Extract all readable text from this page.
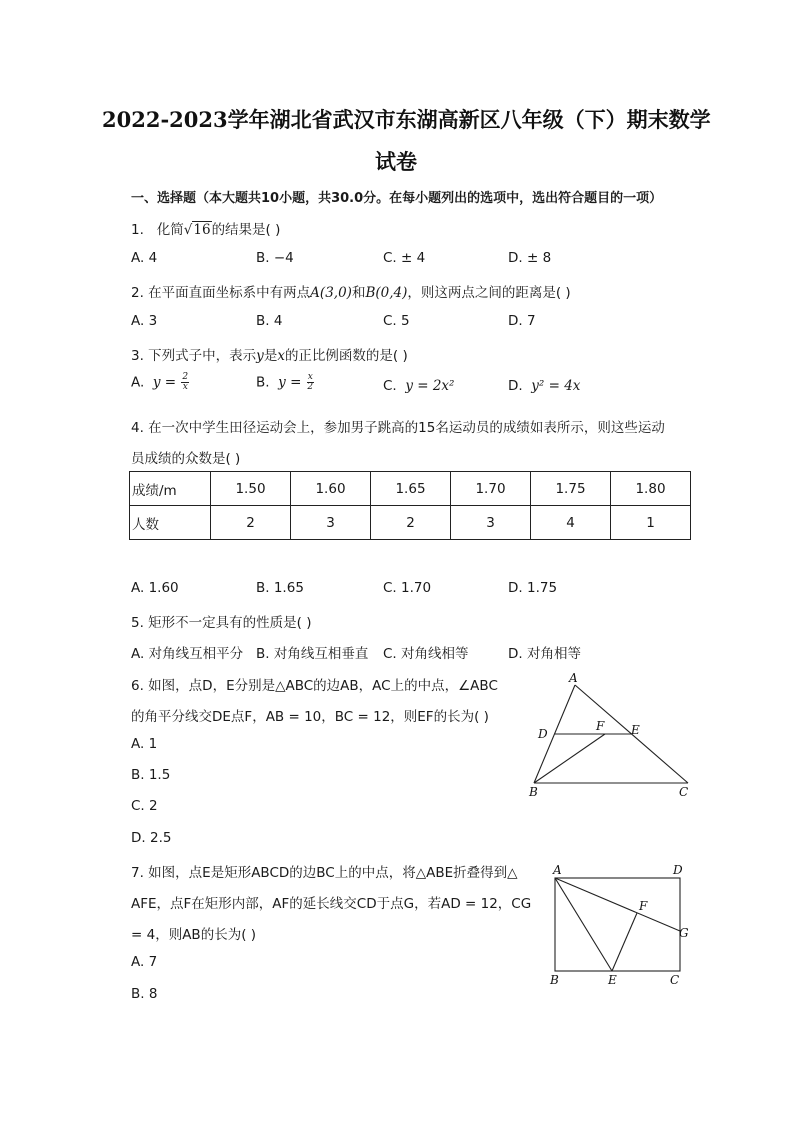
2022-2023学年湖北省武汉市东湖高新区八年级（下）期末数学
试卷
一、选择题（本大题共10小题，共30.0分。在每小题列出的选项中，选出符合题目的一项）
1. 化简√16的结果是( )
A. 4	B. −4	C. ± 4	D. ± 8
2. 在平面直面坐标系中有两点A(3,0)和B(0,4)，则这两点之间的距离是( )
A. 3	B. 4	C. 5	D. 7
3. 下列式子中，表示y是x的正比例函数的是( )
A. $y = \frac{2}{x}$	B. $y = \frac{x}{2}$	C. y = 2x²	D. y² = 4x
4. 在一次中学生田径运动会上，参加男子跳高的15名运动员的成绩如表所示，则这些运动
员成绩的众数是( )
成绩/m	1.50	1.60	1.65	1.70	1.75	1.80
人数	2	3	2	3	4	1
A. 1.60	B. 1.65	C. 1.70	D. 1.75
5. 矩形不一定具有的性质是( )
A. 对角线互相平分 B. 对角线互相垂直 C. 对角线相等	D. 对角相等
6. 如图，点D，E分别是△ABC的边AB，AC上的中点，∠ABC
的角平分线交DE点F，AB = 10，BC = 12，则EF的长为( )
A. 1
B. 1.5
C. 2
D. 2.5
A
B	C
D	E
F
7. 如图，点E是矩形ABCD的边BC上的中点，将△ABE折叠得到△
AFE，点F在矩形内部，AF的延长线交CD于点G，若AD = 12，CG
= 4，则AB的长为( )
A. 7
B. 8
A
B	C
D
E
F
G
